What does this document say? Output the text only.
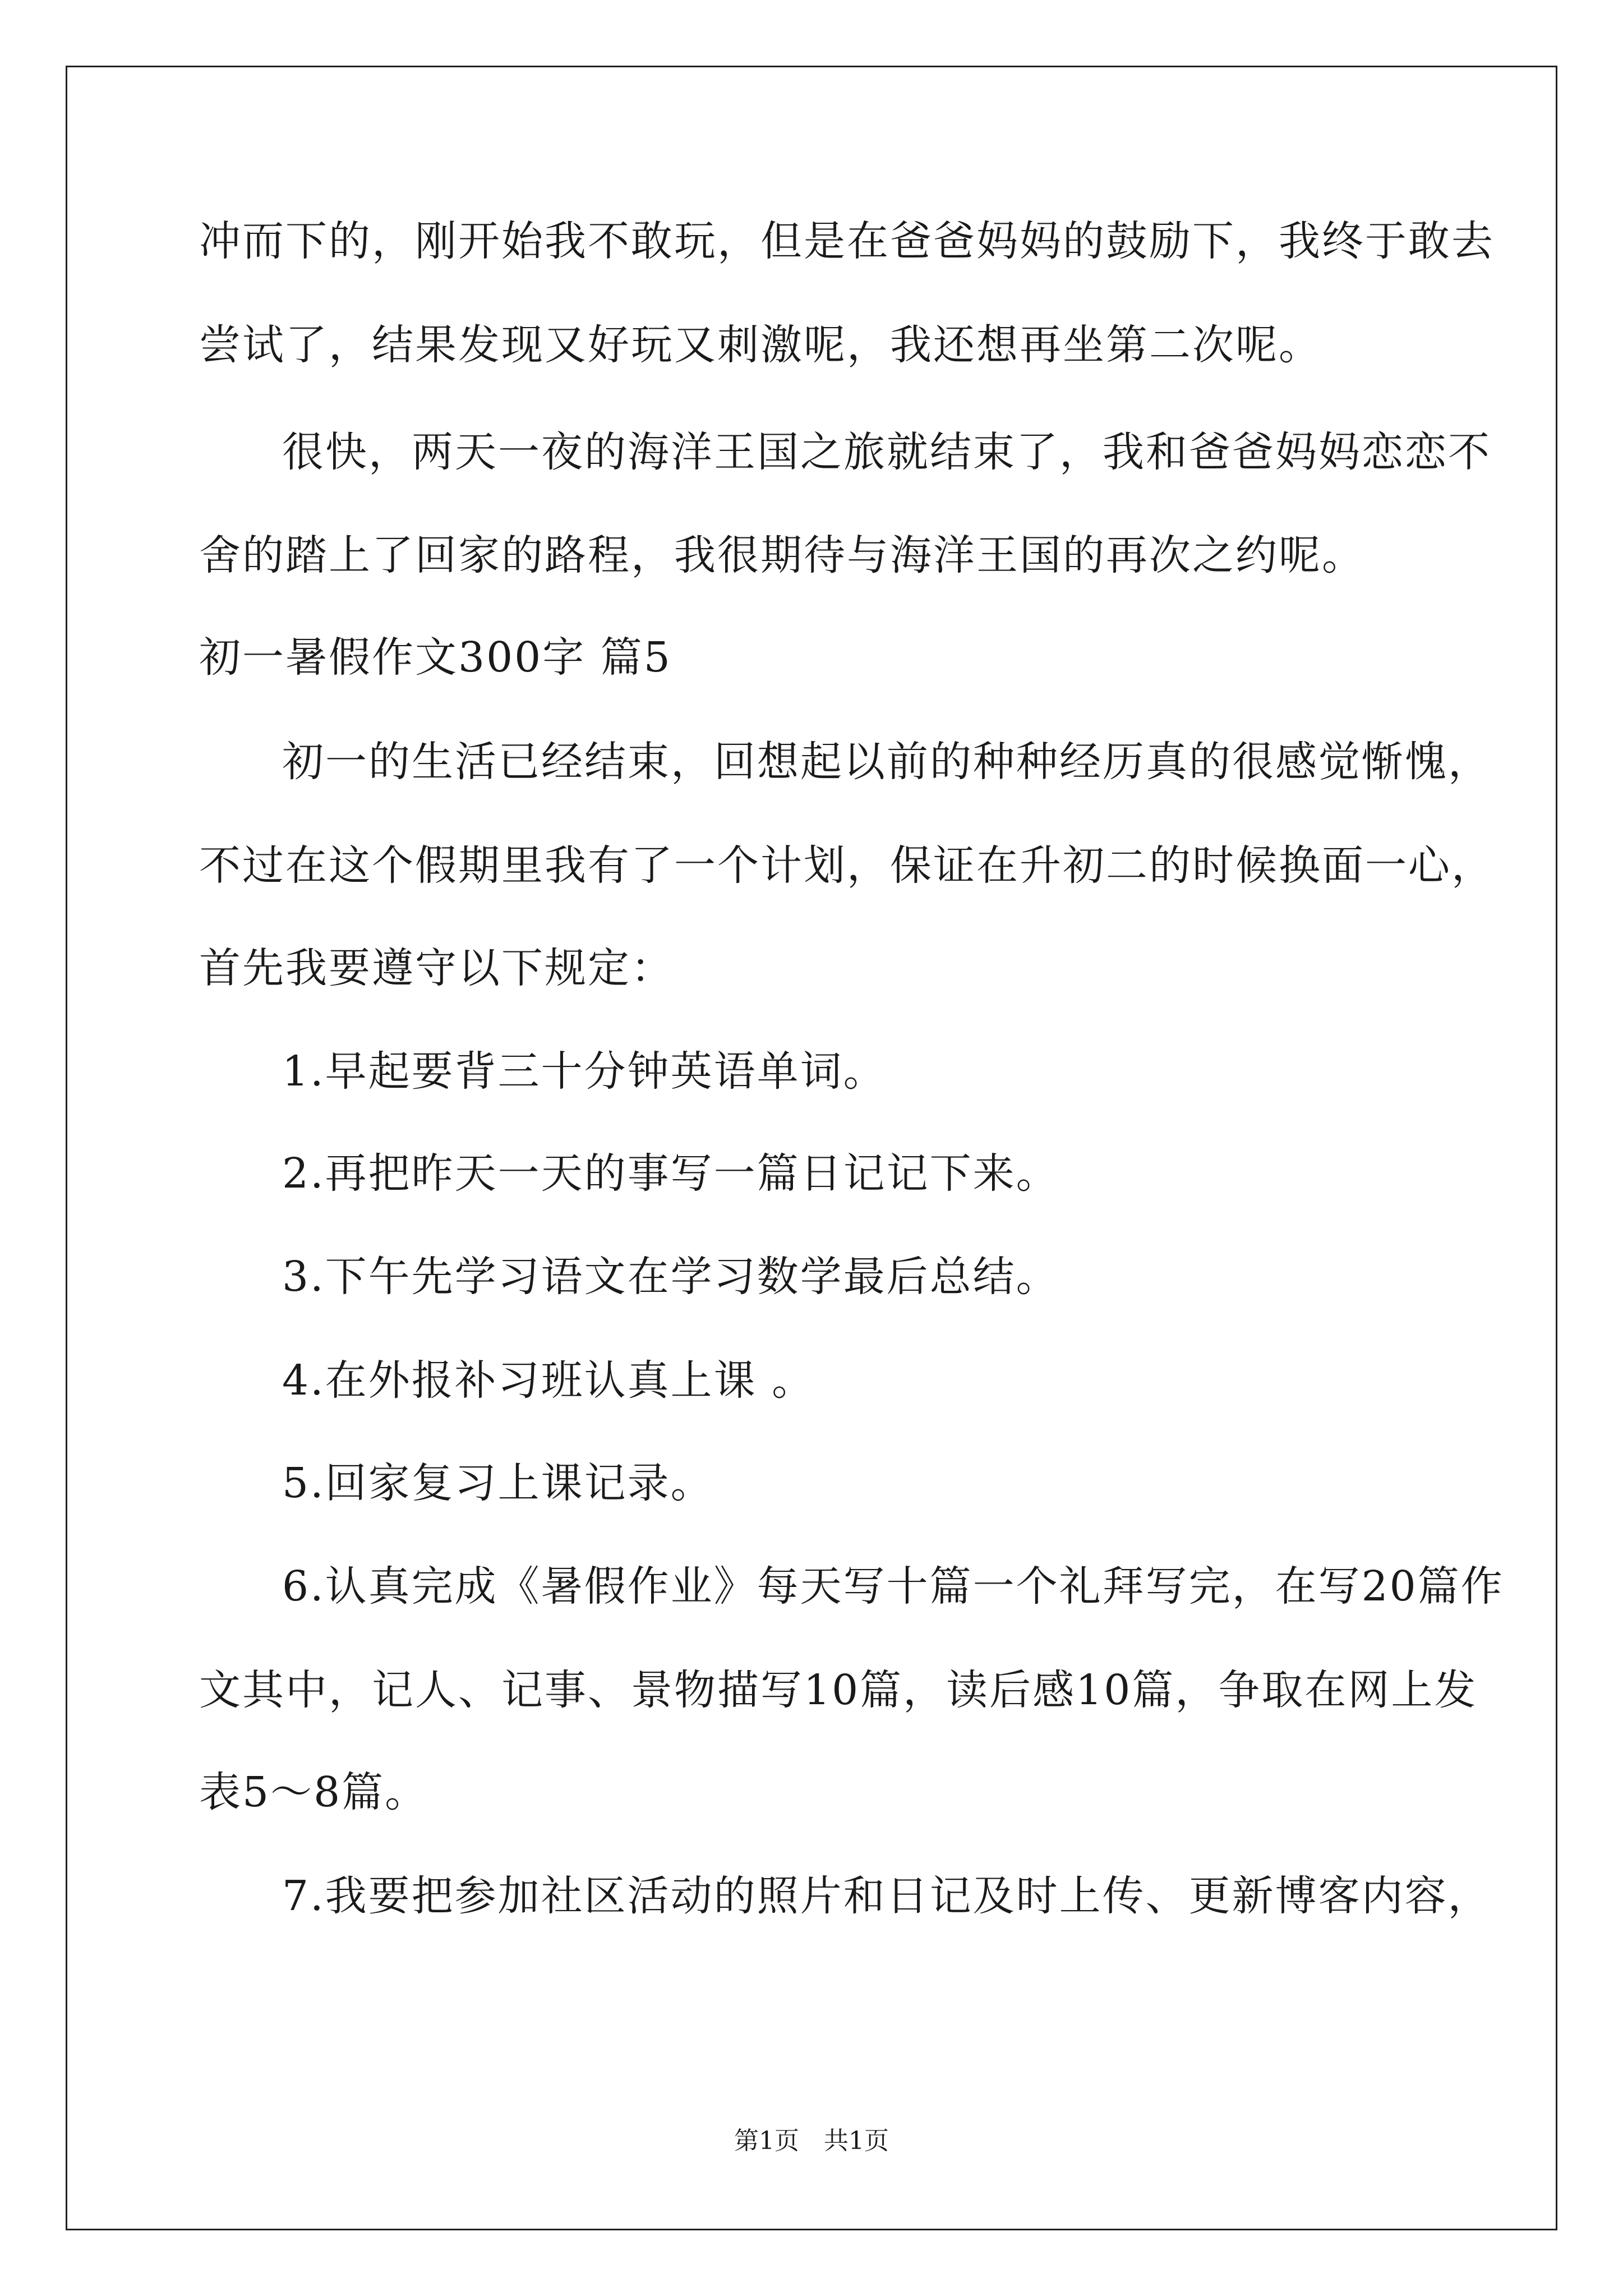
冲而下的，刚开始我不敢玩，但是在爸爸妈妈的鼓励下，我终于敢去
尝试了，结果发现又好玩又刺激呢，我还想再坐第二次呢。
很快，两天一夜的海洋王国之旅就结束了，我和爸爸妈妈恋恋不
舍的踏上了回家的路程，我很期待与海洋王国的再次之约呢。
初一暑假作文300字 篇5
初一的生活已经结束，回想起以前的种种经历真的很感觉惭愧，
不过在这个假期里我有了一个计划，保证在升初二的时候换面一心，
首先我要遵守以下规定：
1.早起要背三十分钟英语单词。
2.再把昨天一天的事写一篇日记记下来。
3.下午先学习语文在学习数学最后总结。
4.在外报补习班认真上课 。
5.回家复习上课记录。
6.认真完成《暑假作业》每天写十篇一个礼拜写完，在写20篇作
文其中，记人、记事、景物描写10篇，读后感10篇，争取在网上发
表5～8篇。
7.我要把参加社区活动的照片和日记及时上传、更新博客内容，
第1页　共1页
